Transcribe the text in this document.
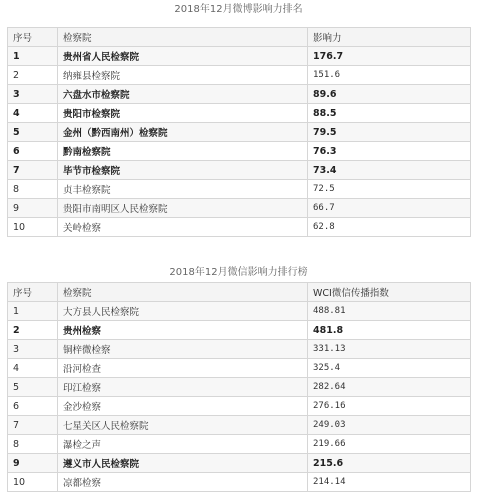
2018年12月微博影响力排名
序号	检察院	影响力
1	贵州省人民检察院	176.7
2	纳雍县检察院	151.6
3	六盘水市检察院	89.6
4	贵阳市检察院	88.5
5	金州（黔西南州）检察院	79.5
6	黔南检察院	76.3
7	毕节市检察院	73.4
8	贞丰检察院	72.5
9	贵阳市南明区人民检察院	66.7
10	关岭检察	62.8
2018年12月微信影响力排行榜
序号	检察院	WCI微信传播指数
1	大方县人民检察院	488.81
2	贵州检察	481.8
3	铜梓微检察	331.13
4	沿河检查	325.4
5	印江检察	282.64
6	金沙检察	276.16
7	七星关区人民检察院	249.03
8	瀑检之声	219.66
9	遵义市人民检察院	215.6
10	凉都检察	214.14
